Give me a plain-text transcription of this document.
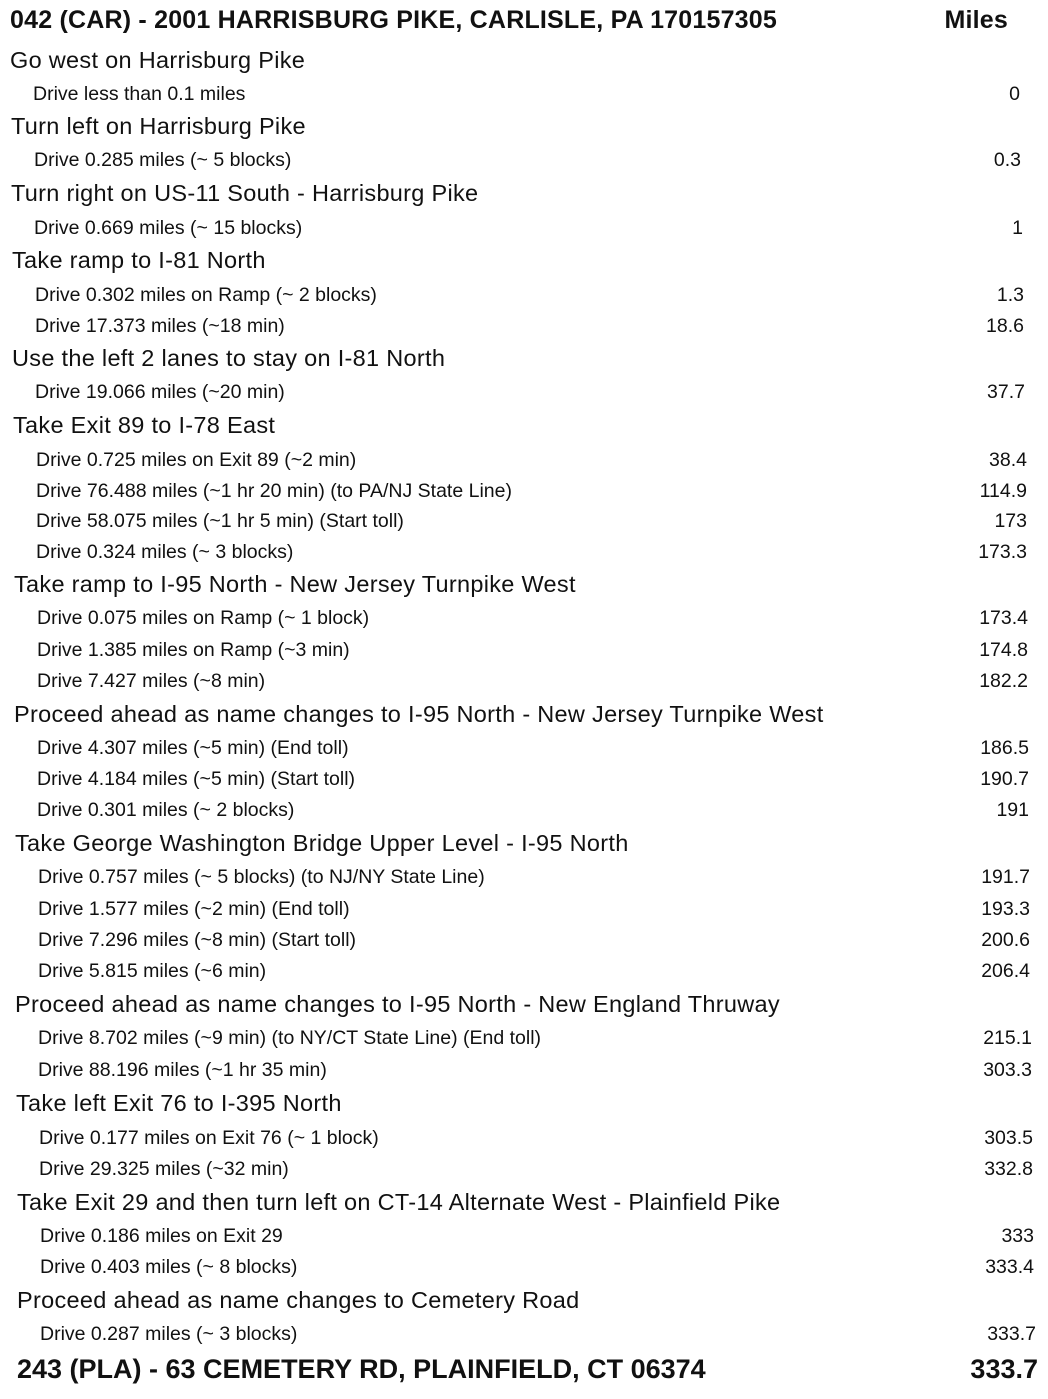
042 (CAR) - 2001 HARRISBURG PIKE, CARLISLE, PA 170157305	Miles
Go west on Harrisburg Pike
Drive less than 0.1 miles	0
Turn left on Harrisburg Pike
Drive 0.285 miles (~ 5 blocks)	0.3
Turn right on US-11 South - Harrisburg Pike
Drive 0.669 miles (~ 15 blocks)	1
Take ramp to I-81 North
Drive 0.302 miles on Ramp (~ 2 blocks)	1.3
Drive 17.373 miles (~18 min)	18.6
Use the left 2 lanes to stay on I-81 North
Drive 19.066 miles (~20 min)	37.7
Take Exit 89 to I-78 East
Drive 0.725 miles on Exit 89 (~2 min)	38.4
Drive 76.488 miles (~1 hr 20 min) (to PA/NJ State Line)	114.9
Drive 58.075 miles (~1 hr 5 min) (Start toll)	173
Drive 0.324 miles (~ 3 blocks)	173.3
Take ramp to I-95 North - New Jersey Turnpike West
Drive 0.075 miles on Ramp (~ 1 block)	173.4
Drive 1.385 miles on Ramp (~3 min)	174.8
Drive 7.427 miles (~8 min)	182.2
Proceed ahead as name changes to I-95 North - New Jersey Turnpike West
Drive 4.307 miles (~5 min) (End toll)	186.5
Drive 4.184 miles (~5 min) (Start toll)	190.7
Drive 0.301 miles (~ 2 blocks)	191
Take George Washington Bridge Upper Level - I-95 North
Drive 0.757 miles (~ 5 blocks) (to NJ/NY State Line)	191.7
Drive 1.577 miles (~2 min) (End toll)	193.3
Drive 7.296 miles (~8 min) (Start toll)	200.6
Drive 5.815 miles (~6 min)	206.4
Proceed ahead as name changes to I-95 North - New England Thruway
Drive 8.702 miles (~9 min) (to NY/CT State Line) (End toll)	215.1
Drive 88.196 miles (~1 hr 35 min)	303.3
Take left Exit 76 to I-395 North
Drive 0.177 miles on Exit 76 (~ 1 block)	303.5
Drive 29.325 miles (~32 min)	332.8
Take Exit 29 and then turn left on CT-14 Alternate West - Plainfield Pike
Drive 0.186 miles on Exit 29	333
Drive 0.403 miles (~ 8 blocks)	333.4
Proceed ahead as name changes to Cemetery Road
Drive 0.287 miles (~ 3 blocks)	333.7
243 (PLA) - 63 CEMETERY RD, PLAINFIELD, CT 06374	333.7
